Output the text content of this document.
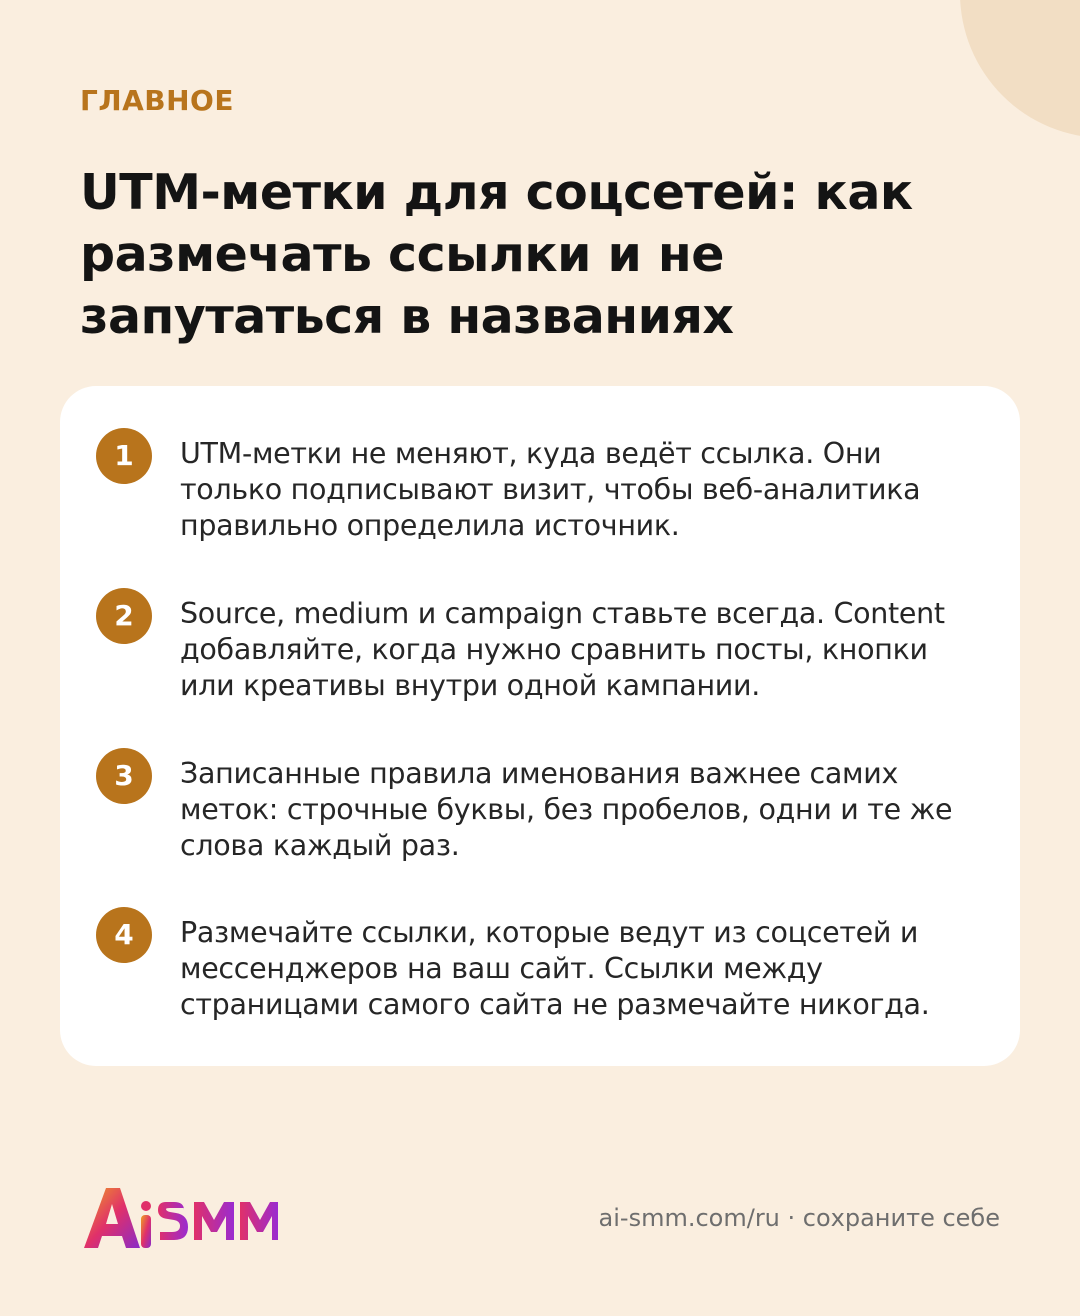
ГЛАВНОЕ
UTM-метки для соцсетей: как размечать ссылки и не запутаться в названиях
1	UTM-метки не меняют, куда ведёт ссылка. Они только подписывают визит, чтобы веб-аналитика правильно определила источник.

2	Source, medium и campaign ставьте всегда. Content добавляйте, когда нужно сравнить посты, кнопки или креативы внутри одной кампании.

3	Записанные правила именования важнее самих меток: строчные буквы, без пробелов, одни и те же слова каждый раз.

4	Размечайте ссылки, которые ведут из соцсетей и мессенджеров на ваш сайт. Ссылки между страницами самого сайта не размечайте никогда.

ai-smm.com/ru · сохраните себе
